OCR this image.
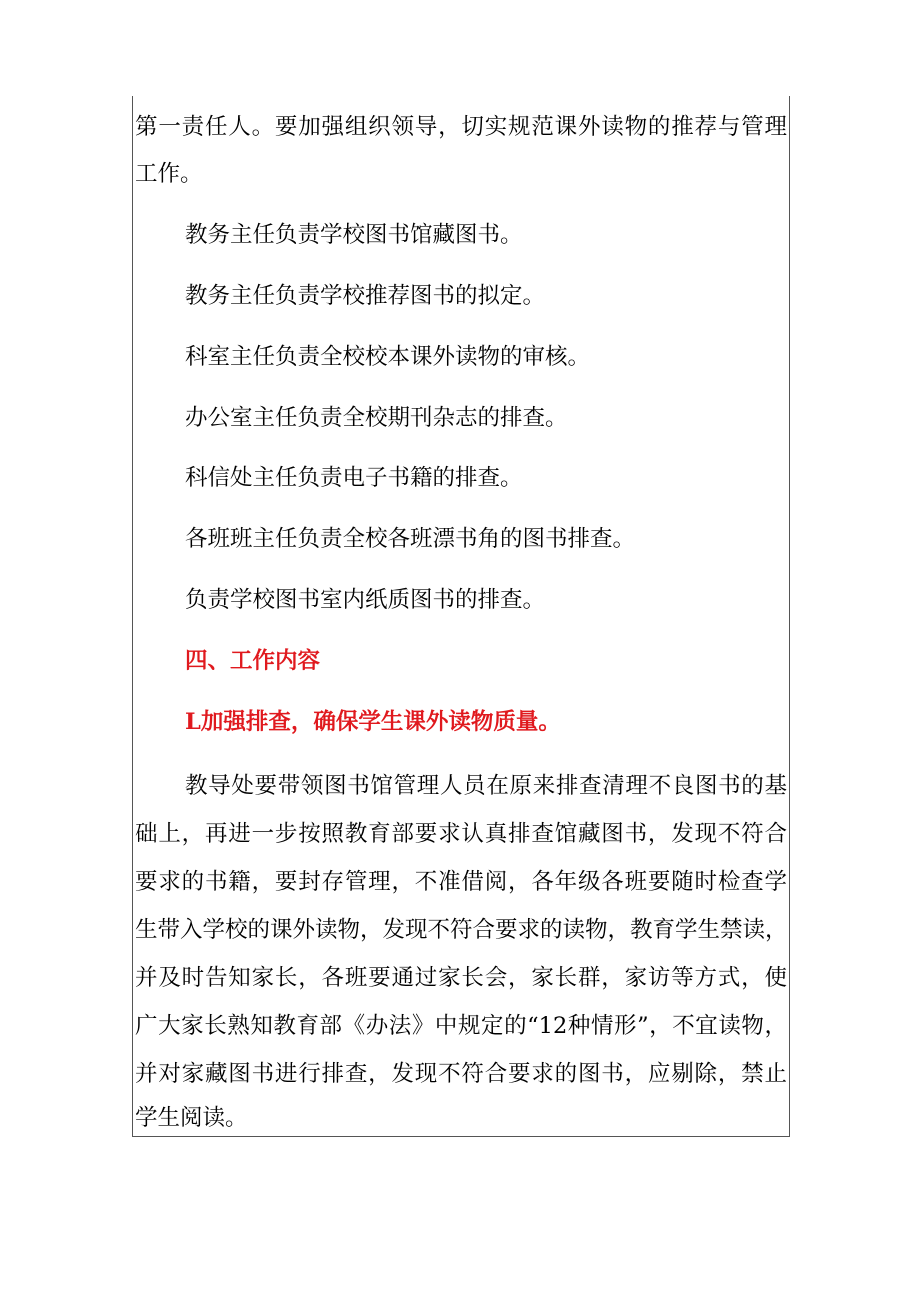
第一责任人。要加强组织领导，切实规范课外读物的推荐与管理
工作。
教务主任负责学校图书馆藏图书。
教务主任负责学校推荐图书的拟定。
科室主任负责全校校本课外读物的审核。
办公室主任负责全校期刊杂志的排查。
科信处主任负责电子书籍的排查。
各班班主任负责全校各班漂书角的图书排查。
负责学校图书室内纸质图书的排查。
四、工作内容
L加强排查，确保学生课外读物质量。
教导处要带领图书馆管理人员在原来排查清理不良图书的基
础上，再进一步按照教育部要求认真排查馆藏图书，发现不符合
要求的书籍，要封存管理，不准借阅，各年级各班要随时检查学
生带入学校的课外读物，发现不符合要求的读物，教育学生禁读，
并及时告知家长，各班要通过家长会，家长群，家访等方式，使
广大家长熟知教育部《办法》中规定的“12种情形”，不宜读物，
并对家藏图书进行排查，发现不符合要求的图书，应剔除，禁止
学生阅读。
